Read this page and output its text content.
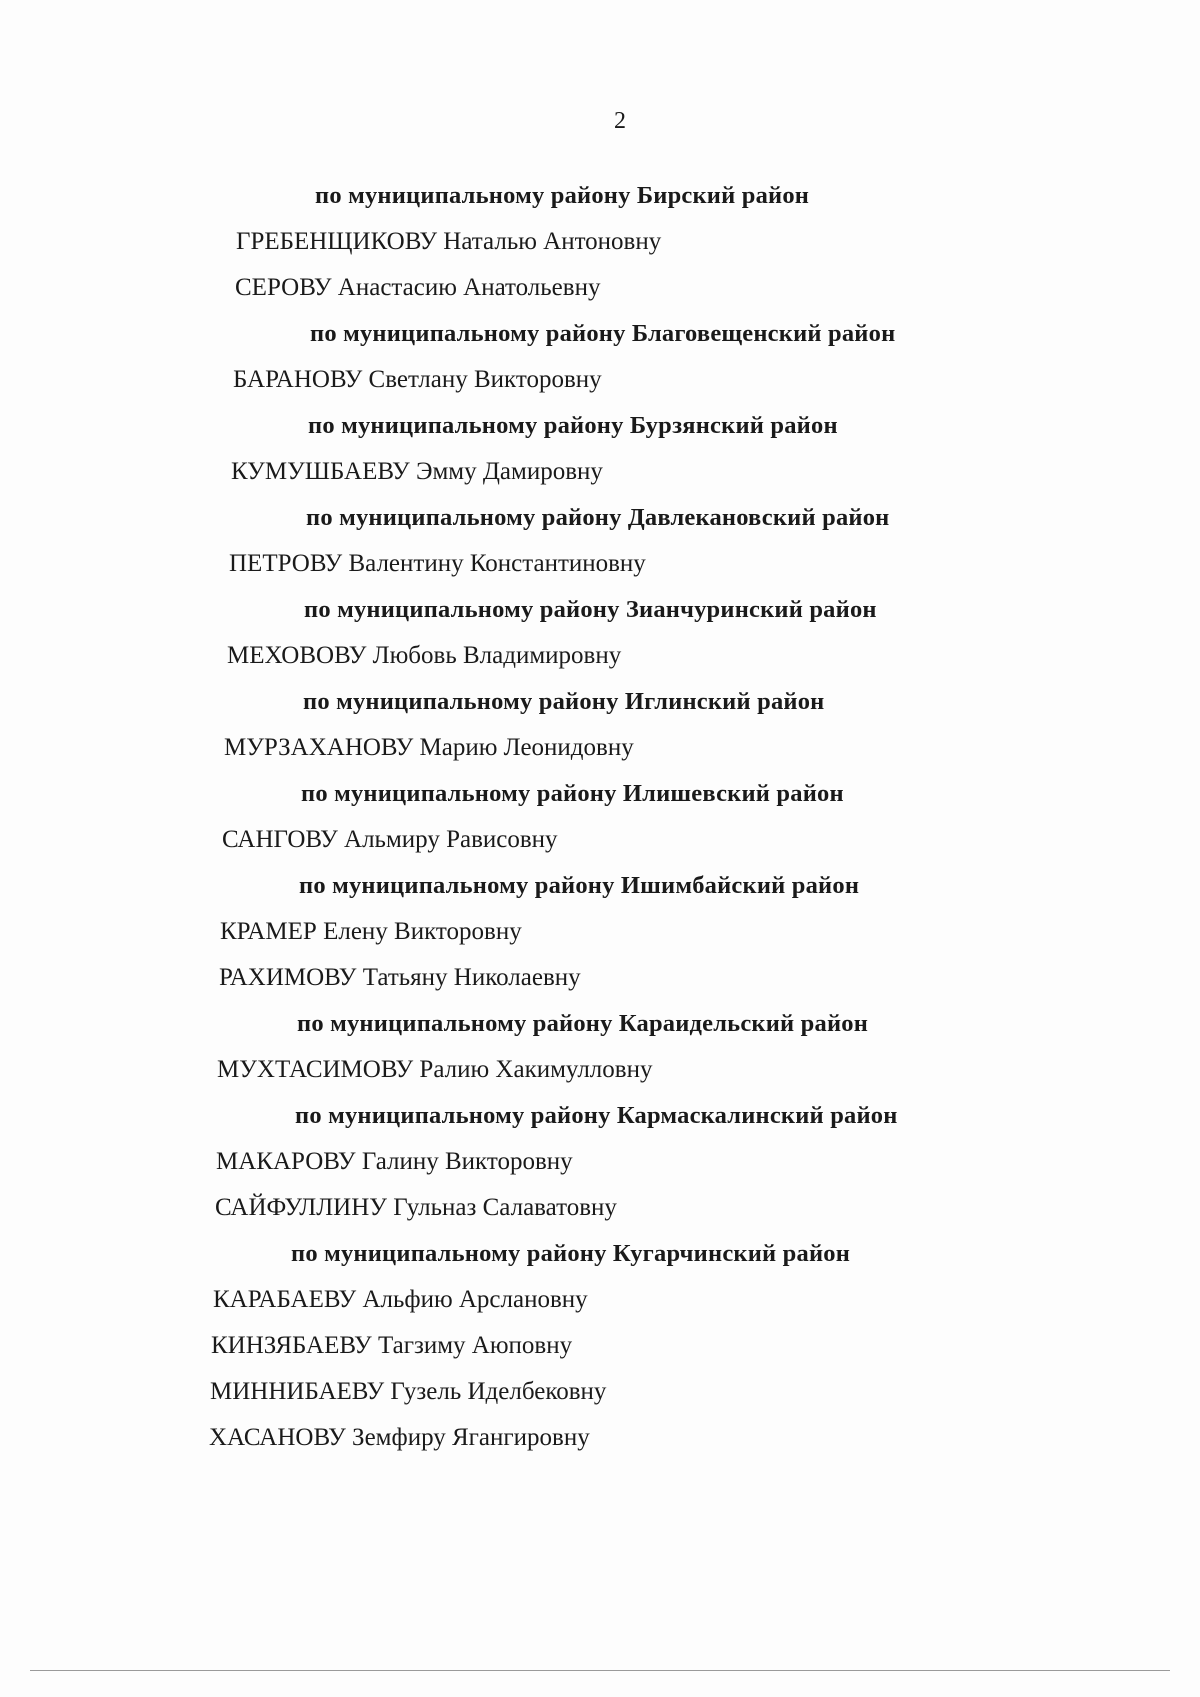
2
по муниципальному району Бирский район
ГРЕБЕНЩИКОВУ Наталью Антоновну
СЕРОВУ Анастасию Анатольевну
по муниципальному району Благовещенский район
БАРАНОВУ Светлану Викторовну
по муниципальному району Бурзянский район
КУМУШБАЕВУ Эмму Дамировну
по муниципальному району Давлекановский район
ПЕТРОВУ Валентину Константиновну
по муниципальному району Зианчуринский район
МЕХОВОВУ Любовь Владимировну
по муниципальному району Иглинский район
МУРЗАХАНОВУ Марию Леонидовну
по муниципальному району Илишевский район
САНГОВУ Альмиру Рависовну
по муниципальному району Ишимбайский район
КРАМЕР Елену Викторовну
РАХИМОВУ Татьяну Николаевну
по муниципальному району Караидельский район
МУХТАСИМОВУ Ралию Хакимулловну
по муниципальному району Кармаскалинский район
МАКАРОВУ Галину Викторовну
САЙФУЛЛИНУ Гульназ Салаватовну
по муниципальному району Кугарчинский район
КАРАБАЕВУ Альфию Арслановну
КИНЗЯБАЕВУ Тагзиму Аюповну
МИННИБАЕВУ Гузель Иделбековну
ХАСАНОВУ Земфиру Ягангировну
